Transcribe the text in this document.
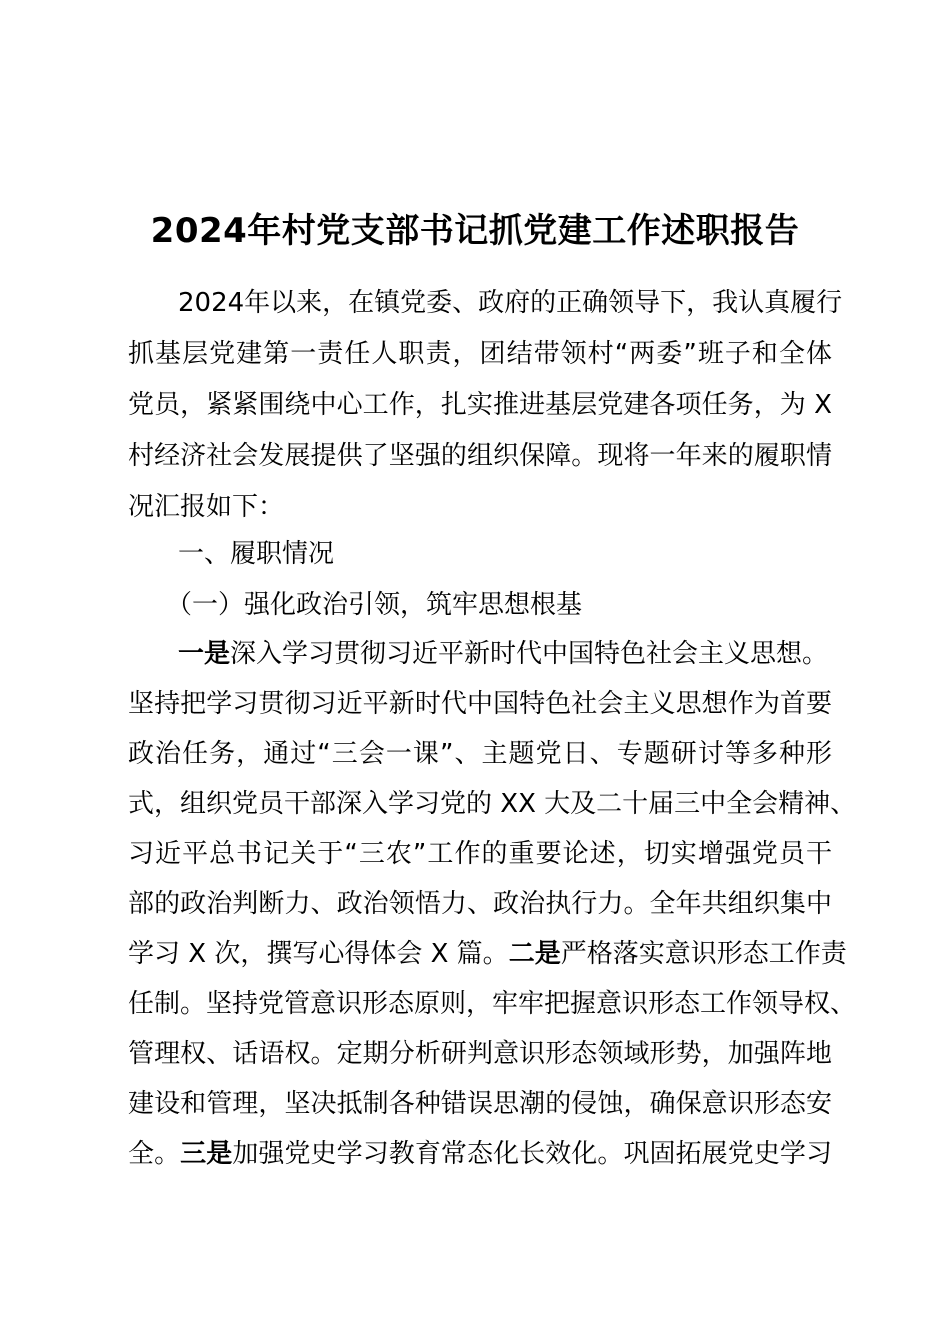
2024年村党支部书记抓党建工作述职报告
2024年以来，在镇党委、政府的正确领导下，我认真履行
抓基层党建第一责任人职责，团结带领村“两委”班子和全体
党员，紧紧围绕中心工作，扎实推进基层党建各项任务，为 X
村经济社会发展提供了坚强的组织保障。现将一年来的履职情
况汇报如下：
一、履职情况
（一）强化政治引领，筑牢思想根基
一是深入学习贯彻习近平新时代中国特色社会主义思想。
坚持把学习贯彻习近平新时代中国特色社会主义思想作为首要
政治任务，通过“三会一课”、主题党日、专题研讨等多种形
式，组织党员干部深入学习党的 XX 大及二十届三中全会精神、
习近平总书记关于“三农”工作的重要论述，切实增强党员干
部的政治判断力、政治领悟力、政治执行力。全年共组织集中
学习 X 次，撰写心得体会 X 篇。二是严格落实意识形态工作责
任制。坚持党管意识形态原则，牢牢把握意识形态工作领导权、
管理权、话语权。定期分析研判意识形态领域形势，加强阵地
建设和管理，坚决抵制各种错误思潮的侵蚀，确保意识形态安
全。三是加强党史学习教育常态化长效化。巩固拓展党史学习
